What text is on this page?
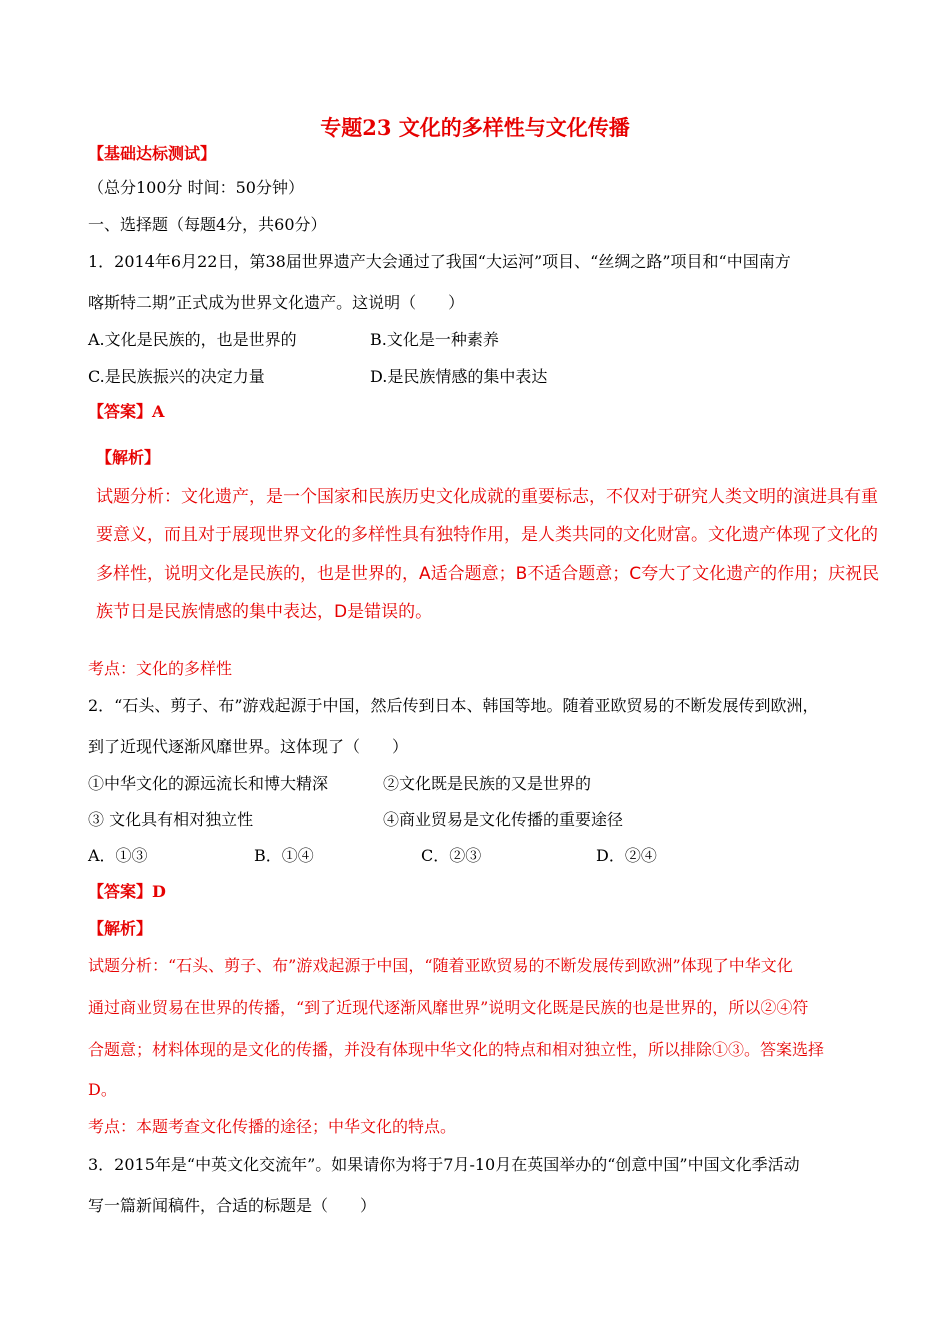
专题23 文化的多样性与文化传播
【基础达标测试】
（总分100分 时间：50分钟）
一、选择题（每题4分，共60分）
1．2014年6月22日，第38届世界遗产大会通过了我国“大运河”项目、“丝绸之路”项目和“中国南方
喀斯特二期”正式成为世界文化遗产。这说明（　　）
A.文化是民族的，也是世界的	B.文化是一种素养
C.是民族振兴的决定力量	D.是民族情感的集中表达
【答案】A
【解析】
试题分析：文化遗产，是一个国家和民族历史文化成就的重要标志，不仅对于研究人类文明的演进具有重
要意义，而且对于展现世界文化的多样性具有独特作用，是人类共同的文化财富。文化遗产体现了文化的
多样性，说明文化是民族的，也是世界的，A适合题意；B不适合题意；C夸大了文化遗产的作用；庆祝民
族节日是民族情感的集中表达，D是错误的。
考点：文化的多样性
2．“石头、剪子、布”游戏起源于中国，然后传到日本、韩国等地。随着亚欧贸易的不断发展传到欧洲，
到了近现代逐渐风靡世界。这体现了（　　）
①中华文化的源远流长和博大精深	②文化既是民族的又是世界的
③ 文化具有相对独立性	④商业贸易是文化传播的重要途径
A．①③	B．①④	C．②③	D．②④
【答案】D
【解析】
试题分析：“石头、剪子、布”游戏起源于中国，“随着亚欧贸易的不断发展传到欧洲”体现了中华文化
通过商业贸易在世界的传播，“到了近现代逐渐风靡世界”说明文化既是民族的也是世界的，所以②④符
合题意；材料体现的是文化的传播，并没有体现中华文化的特点和相对独立性，所以排除①③。答案选择
D。
考点：本题考查文化传播的途径；中华文化的特点。
3．2015年是“中英文化交流年”。如果请你为将于7月-10月在英国举办的“创意中国”中国文化季活动
写一篇新闻稿件，合适的标题是（　　）
